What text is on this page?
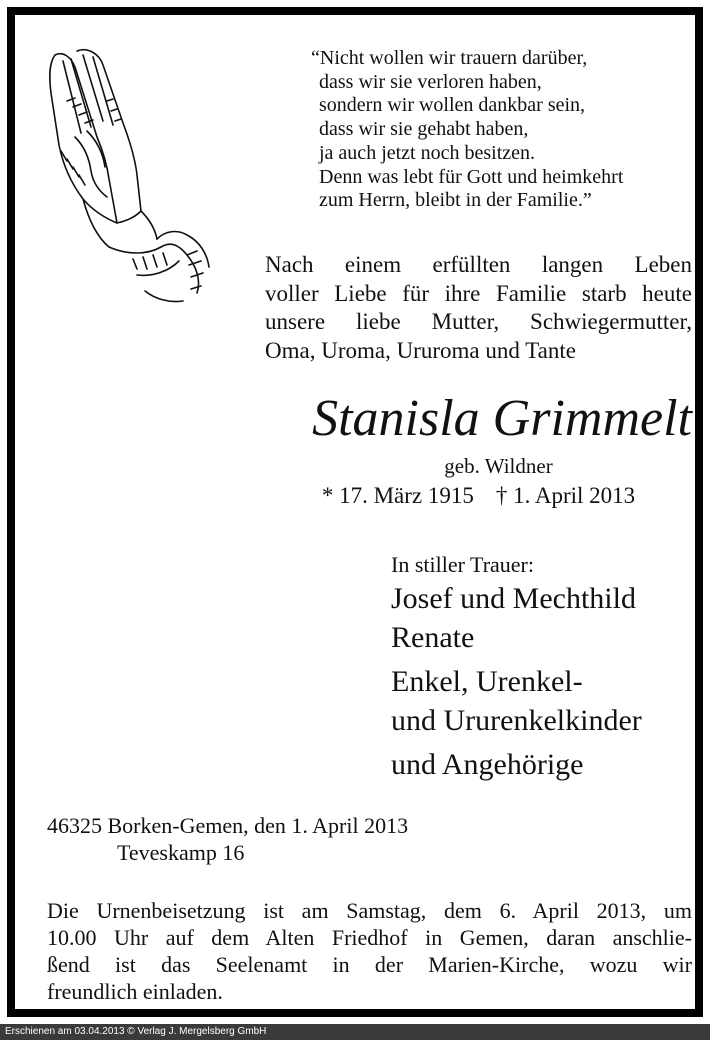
“Nicht wollen wir trauern darüber,
dass wir sie verloren haben,
sondern wir wollen dankbar sein,
dass wir sie gehabt haben,
ja auch jetzt noch besitzen.
Denn was lebt für Gott und heimkehrt
zum Herrn, bleibt in der Familie.”
Nach einem erfüllten langen Leben
voller Liebe für ihre Familie starb heute
unsere liebe Mutter, Schwiegermutter,
Oma, Uroma, Ururoma und Tante
Stanisla Grimmelt
geb. Wildner
* 17. März 1915 † 1. April 2013
In stiller Trauer:
Josef und Mechthild
Renate
Enkel, Urenkel-
und Ururenkelkinder
und Angehörige
46325 Borken-Gemen, den 1. April 2013
Teveskamp 16
Die Urnenbeisetzung ist am Samstag, dem 6. April 2013, um
10.00 Uhr auf dem Alten Friedhof in Gemen, daran anschlie-
ßend ist das Seelenamt in der Marien-Kirche, wozu wir
freundlich einladen.
Erschienen am 03.04.2013 © Verlag J. Mergelsberg GmbH
